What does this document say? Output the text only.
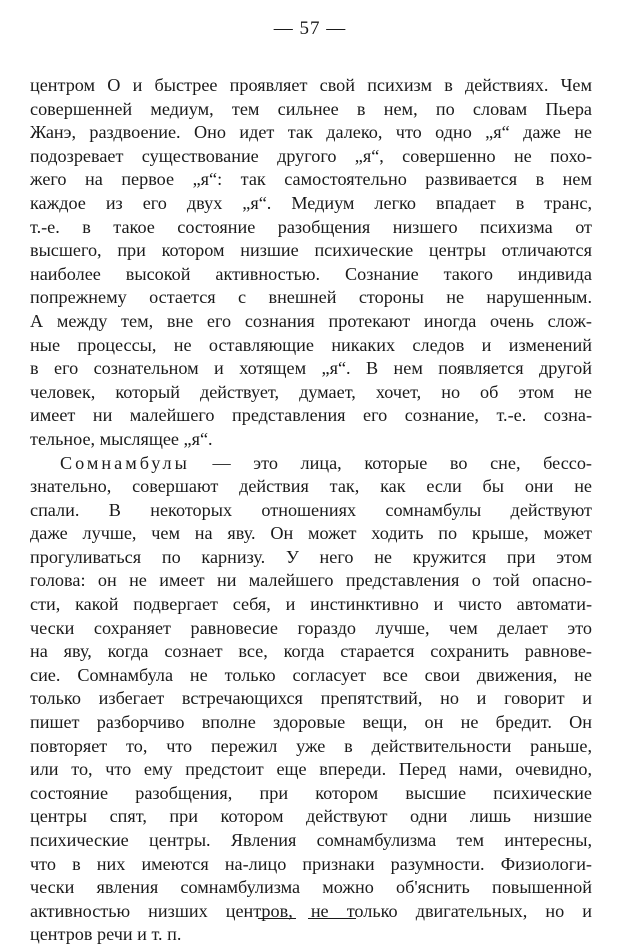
— 57 —
центром О и быстрее проявляет свой психизм в действиях. Чем
совершенней медиум, тем сильнее в нем, по словам Пьера
Жанэ, раздвоение. Оно идет так далеко, что одно „я“ даже не
подозревает существование другого „я“, совершенно не похо-
жего на первое „я“: так самостоятельно развивается в нем
каждое из его двух „я“. Медиум легко впадает в транс,
т.-е. в такое состояние разобщения низшего психизма от
высшего, при котором низшие психические центры отличаются
наиболее высокой активностью. Сознание такого индивида
попрежнему остается с внешней стороны не нарушенным.
А между тем, вне его сознания протекают иногда очень слож-
ные процессы, не оставляющие никаких следов и изменений
в его сознательном и хотящем „я“. В нем появляется другой
человек, который действует, думает, хочет, но об этом не
имеет ни малейшего представления его сознание, т.-е. созна-
тельное, мыслящее „я“.
Сомнамбулы — это лица, которые во сне, бессо-
знательно, совершают действия так, как если бы они не
спали. В некоторых отношениях сомнамбулы действуют
даже лучше, чем на яву. Он может ходить по крыше, может
прогуливаться по карнизу. У него не кружится при этом
голова: он не имеет ни малейшего представления о той опасно-
сти, какой подвергает себя, и инстинктивно и чисто автомати-
чески сохраняет равновесие гораздо лучше, чем делает это
на яву, когда сознает все, когда старается сохранить равнове-
сие. Сомнамбула не только согласует все свои движения, не
только избегает встречающихся препятствий, но и говорит и
пишет разборчиво вполне здоровые вещи, он не бредит. Он
повторяет то, что пережил уже в действительности раньше,
или то, что ему предстоит еще впереди. Перед нами, очевидно,
состояние разобщения, при котором высшие психические
центры спят, при котором действуют одни лишь низшие
психические центры. Явления сомнамбулизма тем интересны,
что в них имеются на-лицо признаки разумности. Физиологи-
чески явления сомнамбулизма можно об'яснить повышенной
активностью низших центров, не только двигательных, но и
центров речи и т. п.
